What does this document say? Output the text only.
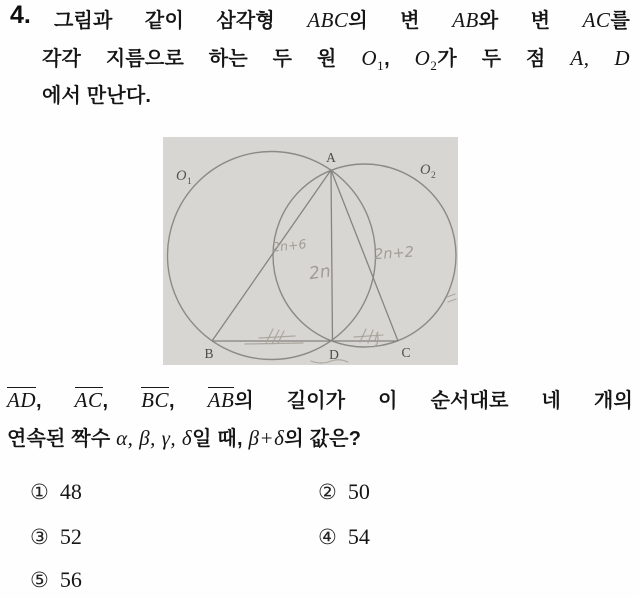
4. 그림과 같이 삼각형 ABC의 변 AB와 변 AC를
각각 지름으로 하는 두 원 $O_1$, $O_2$가 두 점 A, D
에서 만난다.
A
B	D	C
O 1
O 2
2n+6
2n
2n+2
AD, AC, BC, AB의 길이가 이 순서대로 네 개의
연속된 짝수 α, β, γ, δ일 때, β+δ의 값은?
① 48	② 50
③ 52	④ 54
⑤ 56
